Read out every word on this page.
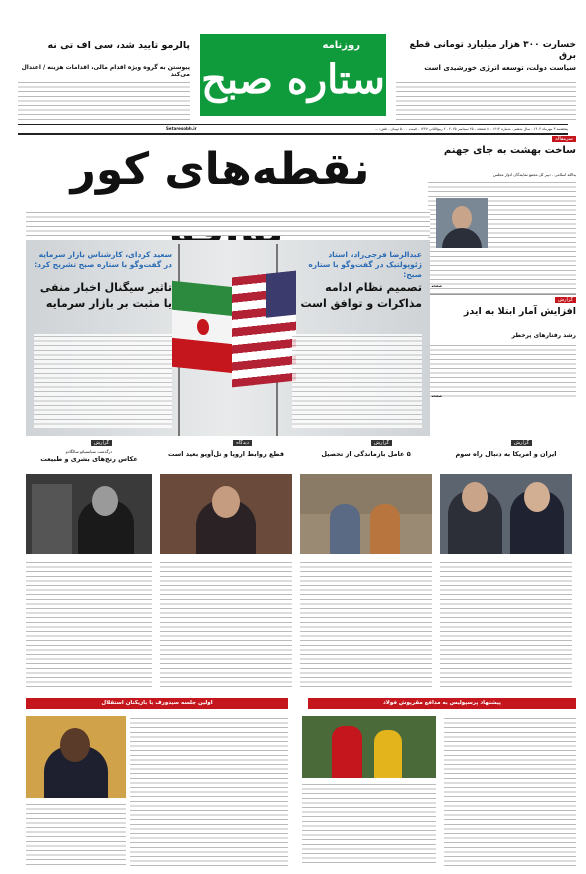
خسارت ۳۰۰ هزار میلیارد تومانی قطع برق
سیاست دولت، توسعه انرژی خورشیدی است
روزنامه
ستاره صبح
پالرمو تایید شد، سی اف تی نه
پیوستن به گروه ویژه اقدام مالی، اقدامات هزینه‌ / اعتدال می‌کند
پنجشنبه ۳ مهرماه ۱۴۰۴ - سال ششم - شماره ۱۶۱۳ - ۸ صفحه - ۲۵ سپتامبر ۲۰۲۵ - ۲ ربیع‌الثانی ۱۴۴۷ - قیمت ۵۰۰۰ تومان - تلفن: ...
Setaresobh.ir
نقطه‌های کور
سرمقاله
ساخت بهشت به جای جهنم
یدالله اسلامی - دبیر کل مجمع نمایندگان ادوار مجلس
صفحه
گزارش
افزایش آمار ابتلا به ایدز
رشد رفتارهای پرخطر
صفحه
عبدالرضا فرجی‌راد، استاد ژئوپولتیک در گفت‌وگو با ستاره صبح:
تصمیم نظام ادامه مذاکرات و توافق است
سعید کردای، کارشناس بازار سرمایه در گفت‌وگو با ستاره صبح تشریح کرد:
تاثیر سیگنال اخبار منفی یا مثبت بر بازار سرمایه
گزارش
ایران و امریکا به دنبال راه سوم
گزارش
۵ عامل بازماندگی از تحصیل
دیدگاه
قطع روابط اروپا و تل‌آویو بعید است
گزارش
درگذشت سباستیائو سالگادو
عکاس رنج‌های بشری و طبیعت
پیشنهاد پرسپولیس به مدافع مقرپوش فولاد
اولین جلسه سیدورف با بازیکنان استقلال
